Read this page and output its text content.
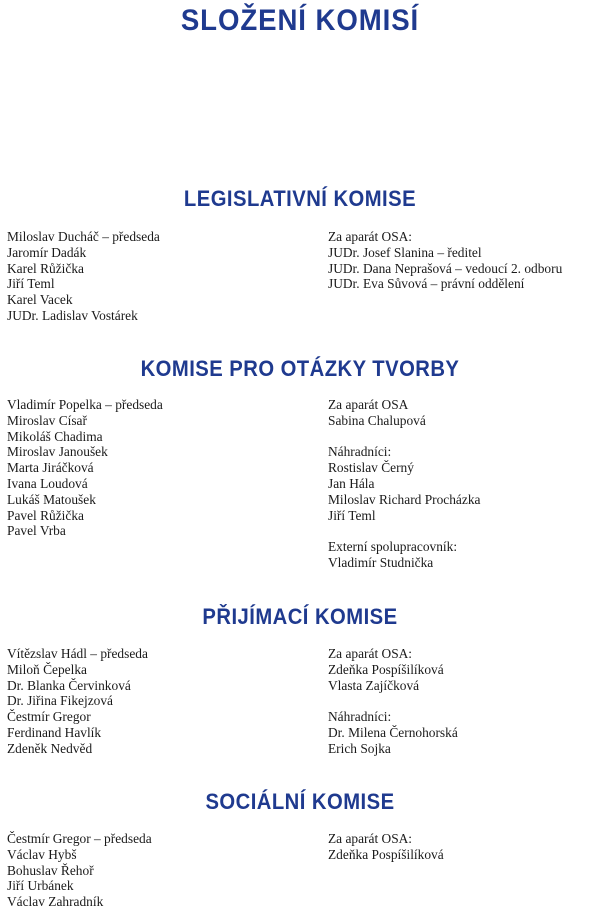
SLOŽENÍ KOMISÍ
LEGISLATIVNÍ KOMISE
Miloslav Ducháč – předseda
Jaromír Dadák
Karel Růžička
Jiří Teml
Karel Vacek
JUDr. Ladislav Vostárek
Za aparát OSA:
JUDr. Josef Slanina – ředitel
JUDr. Dana Neprašová – vedoucí 2. odboru
JUDr. Eva Sůvová – právní oddělení
KOMISE PRO OTÁZKY TVORBY
Vladimír Popelka – předseda
Miroslav Císař
Mikoláš Chadima
Miroslav Janoušek
Marta Jiráčková
Ivana Loudová
Lukáš Matoušek
Pavel Růžička
Pavel Vrba
Za aparát OSA
Sabina Chalupová
Náhradníci:
Rostislav Černý
Jan Hála
Miloslav Richard Procházka
Jiří Teml
Externí spolupracovník:
Vladimír Studnička
PŘIJÍMACÍ KOMISE
Vítězslav Hádl – předseda
Miloň Čepelka
Dr. Blanka Červinková
Dr. Jiřina Fikejzová
Čestmír Gregor
Ferdinand Havlík
Zdeněk Nedvěd
Za aparát OSA:
Zdeňka Pospíšilíková
Vlasta Zajíčková
Náhradníci:
Dr. Milena Černohorská
Erich Sojka
SOCIÁLNÍ KOMISE
Čestmír Gregor – předseda
Václav Hybš
Bohuslav Řehoř
Jiří Urbánek
Václav Zahradník
Za aparát OSA:
Zdeňka Pospíšilíková
